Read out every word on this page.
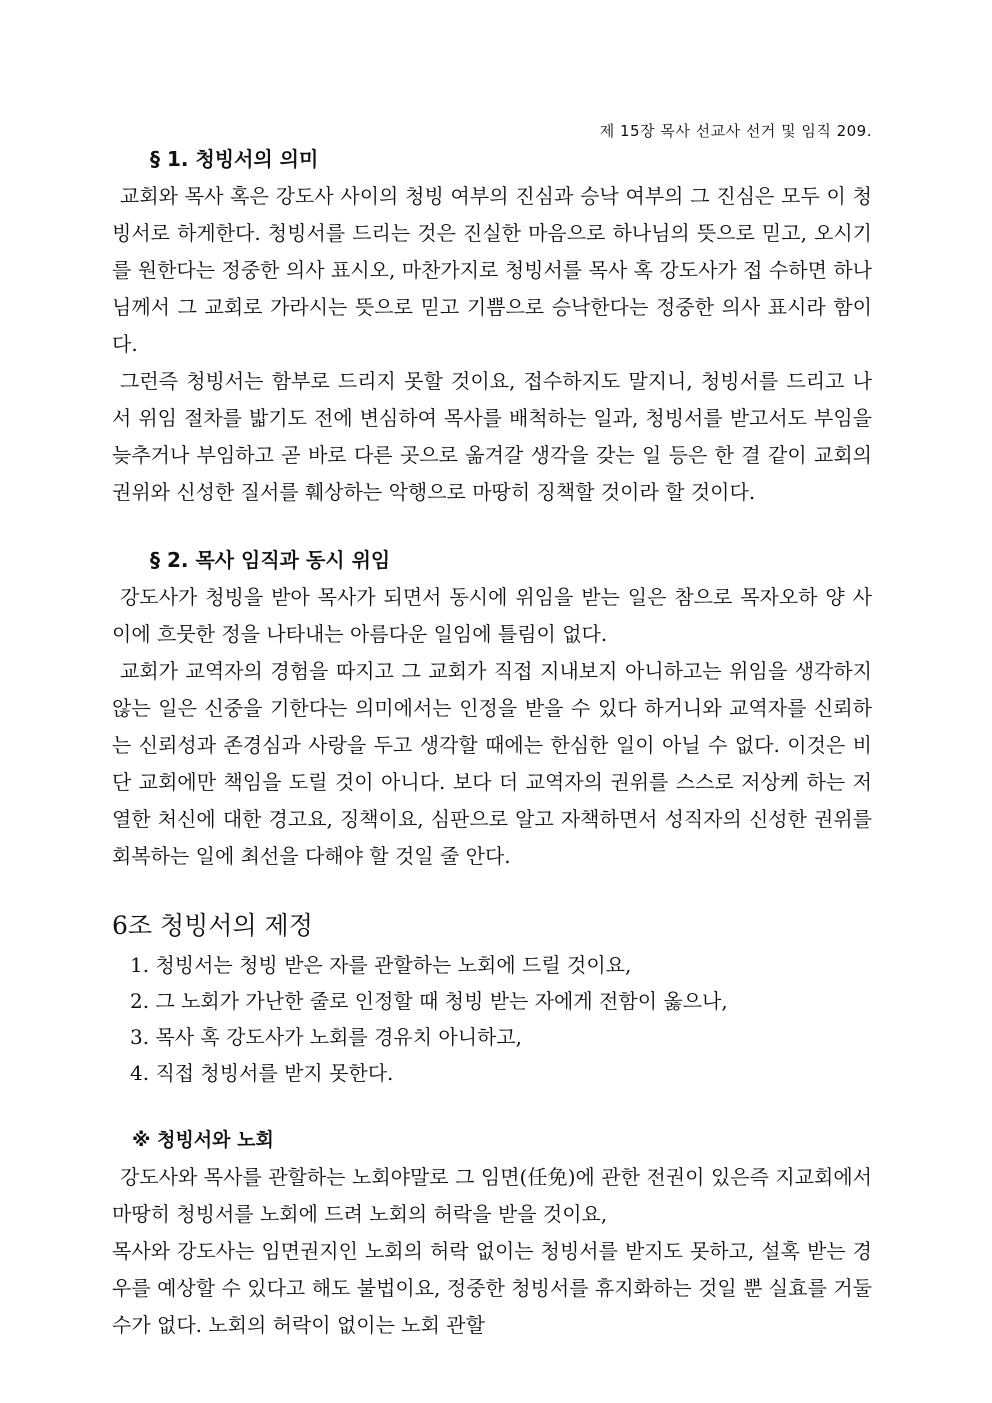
제 15장 목사 선교사 선거 및 임직 209.
§ 1. 청빙서의 의미

교회와 목사 혹은 강도사 사이의 청빙 여부의 진심과 승낙 여부의 그 진심은 모두 이 청빙서로 하게한다. 청빙서를 드리는 것은 진실한 마음으로 하나님의 뜻으로 믿고, 오시기를 원한다는 정중한 의사 표시오, 마찬가지로 청빙서를 목사 혹 강도사가 접 수하면 하나님께서 그 교회로 가라시는 뜻으로 믿고 기쁨으로 승낙한다는 정중한 의사 표시라 함이다.

그런즉 청빙서는 함부로 드리지 못할 것이요, 접수하지도 말지니, 청빙서를 드리고 나서 위임 절차를 밟기도 전에 변심하여 목사를 배척하는 일과, 청빙서를 받고서도 부임을 늦추거나 부임하고 곧 바로 다른 곳으로 옮겨갈 생각을 갖는 일 등은 한 결 같이 교회의 권위와 신성한 질서를 훼상하는 악행으로 마땅히 징책할 것이라 할 것이다.

§ 2. 목사 임직과 동시 위임

강도사가 청빙을 받아 목사가 되면서 동시에 위임을 받는 일은 참으로 목자오하 양 사이에 흐뭇한 정을 나타내는 아름다운 일임에 틀림이 없다.

교회가 교역자의 경험을 따지고 그 교회가 직접 지내보지 아니하고는 위임을 생각하지 않는 일은 신중을 기한다는 의미에서는 인정을 받을 수 있다 하거니와 교역자를 신뢰하는 신뢰성과 존경심과 사랑을 두고 생각할 때에는 한심한 일이 아닐 수 없다. 이것은 비단 교회에만 책임을 도릴 것이 아니다. 보다 더 교역자의 권위를 스스로 저상케 하는 저열한 처신에 대한 경고요, 징책이요, 심판으로 알고 자책하면서 성직자의 신성한 권위를 회복하는 일에 최선을 다해야 할 것일 줄 안다.

6조 청빙서의 제정
1. 청빙서는 청빙 받은 자를 관할하는 노회에 드릴 것이요,
2. 그 노회가 가난한 줄로 인정할 때 청빙 받는 자에게 전함이 옳으나,
3. 목사 혹 강도사가 노회를 경유치 아니하고,
4. 직접 청빙서를 받지 못한다.
※ 청빙서와 노회

강도사와 목사를 관할하는 노회야말로 그 임면(任免)에 관한 전권이 있은즉 지교회에서 마땅히 청빙서를 노회에 드려 노회의 허락을 받을 것이요,

목사와 강도사는 임면권지인 노회의 허락 없이는 청빙서를 받지도 못하고, 설혹 받는 경우를 예상할 수 있다고 해도 불법이요, 정중한 청빙서를 휴지화하는 것일 뿐 실효를 거둘 수가 없다. 노회의 허락이 없이는 노회 관할
